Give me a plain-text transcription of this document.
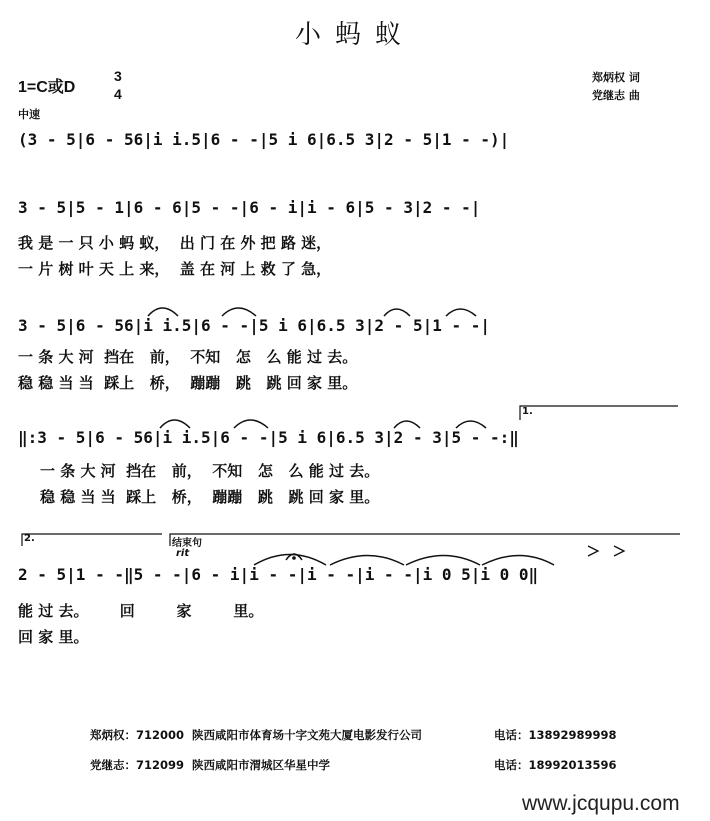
小蚂蚁
1=C或D
3
4
郑炳权 词
党继志 曲
中速
(3 - 5|6 - 56|i i.5|6 - -|5 i 6|6.5 3|2 - 5|1 - -)|
3 - 5|5 - 1|6 - 6|5 - -|6 - i|i - 6|5 - 3|2 - -|
我 是 一 只 小 蚂 蚁，  出 门 在 外 把 路 迷，
一 片 树 叶 天 上 来，  盖 在 河 上 救 了 急，
3 - 5|6 - 56|i i.5|6 - -|5 i 6|6.5 3|2 - 5|1 - -|
一 条 大 河  挡在   前，  不知   怎   么 能 过 去。
稳 稳 当 当  踩上   桥，  蹦蹦   跳   跳 回 家 里。
1.
‖:3 - 5|6 - 56|i i.5|6 - -|5 i 6|6.5 3|2 - 3|5 - -:‖
一 条 大 河  挡在   前，  不知   怎   么 能 过 去。
稳 稳 当 当  踩上   桥，  蹦蹦   跳   跳 回 家 里。
2.	结束句
rit
2 - 5|1 - -‖5 - -|6 - i|i - -|i - -|i - -|i 0 5|i 0 0‖
能 过 去。      回        家        里。
回 家 里。
郑炳权：712000  陕西咸阳市体育场十字文苑大厦电影发行公司	电话：13892989998
党继志：712099  陕西咸阳市渭城区华星中学	电话：18992013596
www.jcqupu.com
